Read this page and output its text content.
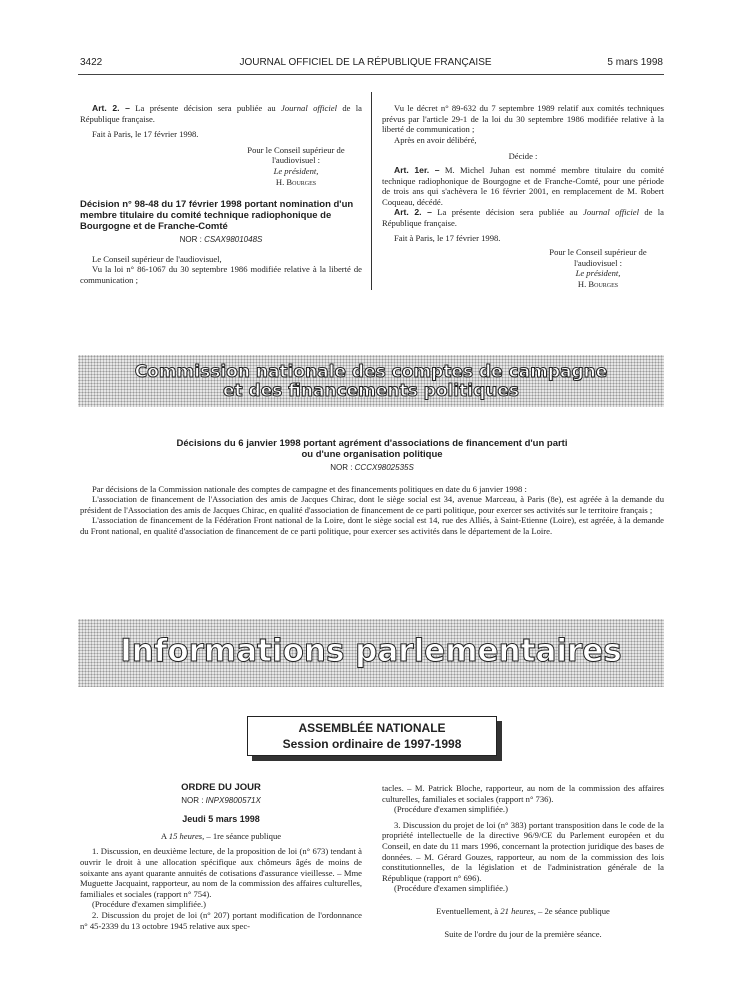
3422	JOURNAL OFFICIEL DE LA RÉPUBLIQUE FRANÇAISE	5 mars 1998

Art. 2. – La présente décision sera publiée au Journal officiel de la République française.

Fait à Paris, le 17 février 1998.

Pour le Conseil supérieur de l'audiovisuel :

Le président,

H. Bourges

Décision n° 98-48 du 17 février 1998 portant nomination d'un membre titulaire du comité technique radiophonique de Bourgogne et de Franche-Comté

NOR : CSAX9801048S

Le Conseil supérieur de l'audiovisuel,

Vu la loi n° 86-1067 du 30 septembre 1986 modifiée relative à la liberté de communication ;

Vu le décret n° 89-632 du 7 septembre 1989 relatif aux comités techniques prévus par l'article 29-1 de la loi du 30 septembre 1986 modifiée relative à la liberté de communication ;

Après en avoir délibéré,

Décide :

Art. 1er. – M. Michel Juhan est nommé membre titulaire du comité technique radiophonique de Bourgogne et de Franche-Comté, pour une période de trois ans qui s'achèvera le 16 février 2001, en remplacement de M. Robert Coqueau, décédé.

Art. 2. – La présente décision sera publiée au Journal officiel de la République française.

Fait à Paris, le 17 février 1998.

Pour le Conseil supérieur de l'audiovisuel :

Le président,

H. Bourges

Commission nationale des comptes de campagne
et des financements politiques

Décisions du 6 janvier 1998 portant agrément d'associations de financement d'un parti

ou d'une organisation politique

NOR : CCCX9802535S

Par décisions de la Commission nationale des comptes de campagne et des financements politiques en date du 6 janvier 1998 :

L'association de financement de l'Association des amis de Jacques Chirac, dont le siège social est 34, avenue Marceau, à Paris (8e), est agréée à la demande du président de l'Association des amis de Jacques Chirac, en qualité d'association de financement de ce parti politique, pour exercer ses activités sur le territoire français ;

L'association de financement de la Fédération Front national de la Loire, dont le siège social est 14, rue des Alliés, à Saint-Etienne (Loire), est agréée, à la demande du Front national, en qualité d'association de financement de ce parti politique, pour exercer ses activités dans le département de la Loire.

Informations parlementaires
ASSEMBLÉE NATIONALE
Session ordinaire de 1997-1998

ORDRE DU JOUR

NOR : INPX9800571X

Jeudi 5 mars 1998

A 15 heures, – 1re séance publique

1. Discussion, en deuxième lecture, de la proposition de loi (n° 673) tendant à ouvrir le droit à une allocation spécifique aux chômeurs âgés de moins de soixante ans ayant quarante annuités de cotisations d'assurance vieillesse. – Mme Muguette Jacquaint, rapporteur, au nom de la commission des affaires culturelles, familiales et sociales (rapport n° 754).

(Procédure d'examen simplifiée.)

2. Discussion du projet de loi (n° 207) portant modification de l'ordonnance n° 45-2339 du 13 octobre 1945 relative aux spec-

tacles. – M. Patrick Bloche, rapporteur, au nom de la commission des affaires culturelles, familiales et sociales (rapport n° 736).

(Procédure d'examen simplifiée.)

3. Discussion du projet de loi (n° 383) portant transposition dans le code de la propriété intellectuelle de la directive 96/9/CE du Parlement européen et du Conseil, en date du 11 mars 1996, concernant la protection juridique des bases de données. – M. Gérard Gouzes, rapporteur, au nom de la commission des lois constitutionnelles, de la législation et de l'administration générale de la République (rapport n° 696).

(Procédure d'examen simplifiée.)

Eventuellement, à 21 heures, – 2e séance publique

Suite de l'ordre du jour de la première séance.
